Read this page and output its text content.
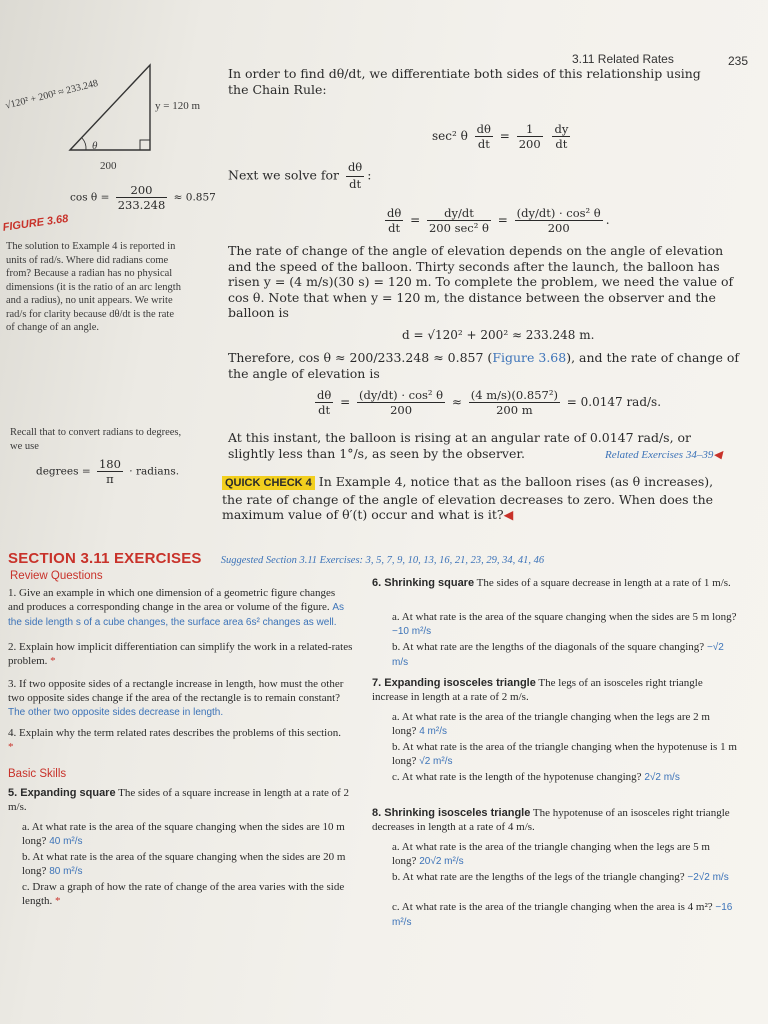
3.11 Related Rates	235
√120² + 200² ≈ 233.248	y = 120 m
θ
200
$\cos \theta = \frac{200}{233.248} \approx 0.857$
FIGURE 3.68
The solution to Example 4 is reported in
units of rad/s. Where did radians come
from? Because a radian has no physical
dimensions (it is the ratio of an arc length
and a radius), no unit appears. We write
rad/s for clarity because dθ/dt is the rate
of change of an angle.
Recall that to convert radians to degrees,
we use
degrees = $\frac{180}{\pi}$ · radians.
In order to find dθ/dt, we differentiate both sides of this relationship using the Chain Rule:
sec² θ $\frac{d\theta}{dt} = \frac{1}{200}$
$\frac{dy}{dt}$
Next we solve for $\frac{d\theta}{dt}$ :
$\frac{d\theta}{dt} = \frac{dy/dt}{\text{200 sec² θ}} = \frac{\text{(dy/dt) · cos² θ}}{200}$ .
The rate of change of the angle of elevation depends on the angle of elevation and the speed of the balloon. Thirty seconds after the launch, the balloon has risen y = (4 m/s)(30 s) = 120 m. To complete the problem, we need the value of cos θ. Note that when y = 120 m, the distance between the observer and the balloon is
d = √120² + 200² ≈ 233.248 m.
Therefore, cos θ ≈ 200/233.248 ≈ 0.857 (Figure 3.68), and the rate of change of the angle of elevation is
$\frac{d\theta}{dt} = \frac{\text{(dy/dt) · cos² θ}}{200} \approx \frac{\text{(4 m/s)(0.857²)}}{200 m} = 0.0147$ rad/s.
At this instant, the balloon is rising at an angular rate of 0.0147 rad/s, or slightly less than 1°/s, as seen by the observer.	Related Exercises 34–39◀
QUICK CHECK 4 In Example 4, notice that as the balloon rises (as θ increases), the rate of change of the angle of elevation decreases to zero. When does the maximum value of θ′(t) occur and what is it?◀
SECTION 3.11 EXERCISES Suggested Section 3.11 Exercises: 3, 5, 7, 9, 10, 13, 16, 21, 23, 29, 34, 41, 46
Review Questions
1. Give an example in which one dimension of a geometric figure changes and produces a corresponding change in the area or volume of the figure. As the side length s of a cube changes, the surface area 6s² changes as well.
2. Explain how implicit differentiation can simplify the work in a related-rates problem. *
3. If two opposite sides of a rectangle increase in length, how must the other two opposite sides change if the area of the rectangle is to remain constant? The other two opposite sides decrease in length.
4. Explain why the term related rates describes the problems of this section. *
Basic Skills
5. Expanding square The sides of a square increase in length at a rate of 2 m/s.
a. At what rate is the area of the square changing when the sides are 10 m long? 40 m²/s
b. At what rate is the area of the square changing when the sides are 20 m long? 80 m²/s
c. Draw a graph of how the rate of change of the area varies with the side length. *
6. Shrinking square The sides of a square decrease in length at a rate of 1 m/s.
a. At what rate is the area of the square changing when the sides are 5 m long? −10 m²/s
b. At what rate are the lengths of the diagonals of the square changing? −√2 m/s
7. Expanding isosceles triangle The legs of an isosceles right triangle increase in length at a rate of 2 m/s.
a. At what rate is the area of the triangle changing when the legs are 2 m long? 4 m²/s
b. At what rate is the area of the triangle changing when the hypotenuse is 1 m long? √2 m²/s
c. At what rate is the length of the hypotenuse changing? 2√2 m/s
8. Shrinking isosceles triangle The hypotenuse of an isosceles right triangle decreases in length at a rate of 4 m/s.
a. At what rate is the area of the triangle changing when the legs are 5 m long? 20√2 m²/s
b. At what rate are the lengths of the legs of the triangle changing? −2√2 m/s
c. At what rate is the area of the triangle changing when the area is 4 m²? −16 m²/s
